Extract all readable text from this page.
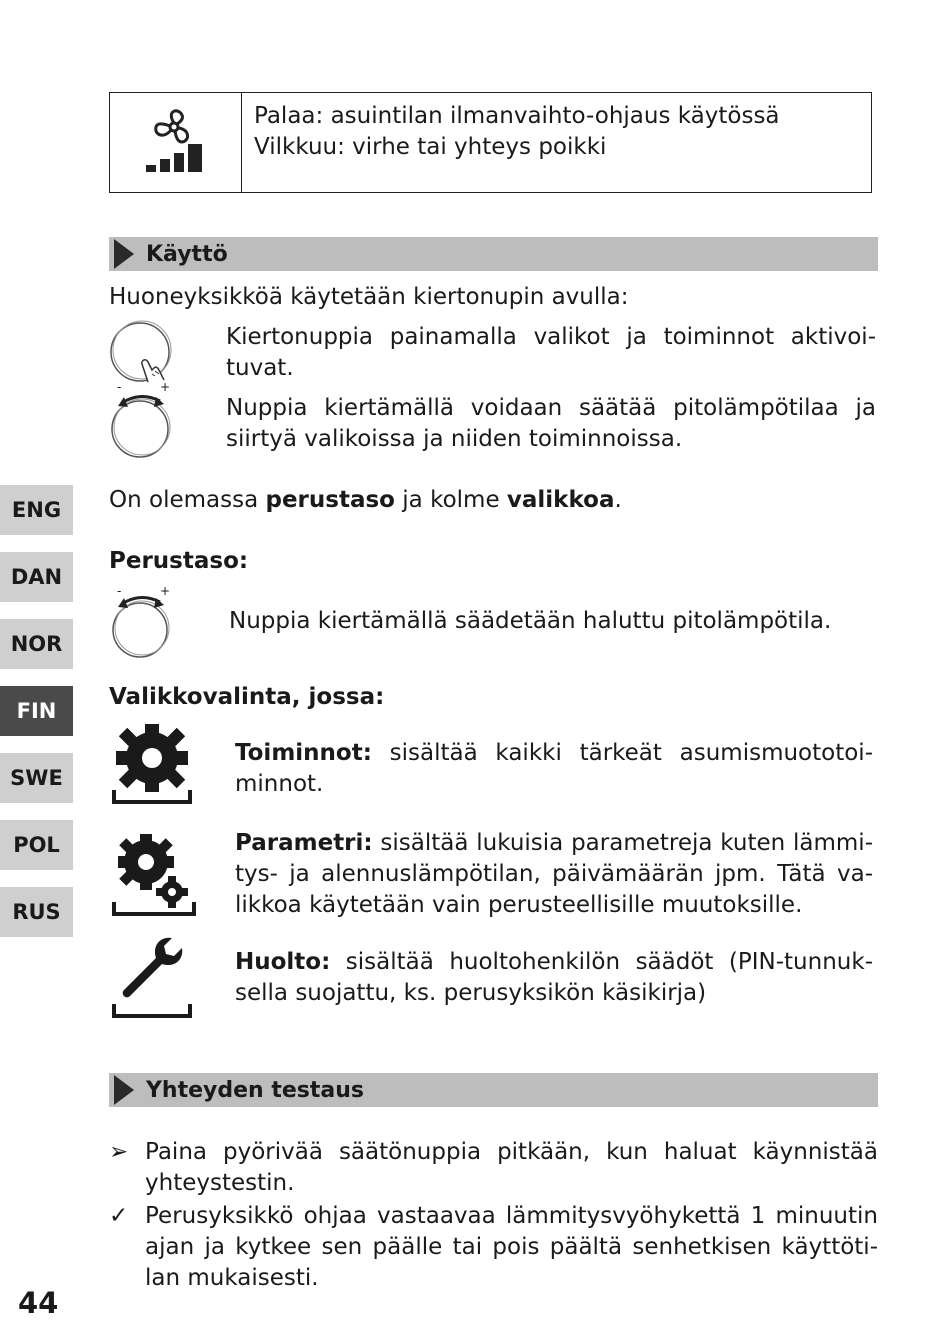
Palaa: asuintilan ilmanvaihto-ohjaus käytössä
Vilkkuu: virhe tai yhteys poikki
Käyttö

Huoneyksikköä käytetään kiertonupin avulla:

Kiertonuppia painamalla valikot ja toiminnot aktivoi-tuvat.

-	+

Nuppia kiertämällä voidaan säätää pitolämpötilaa ja siirtyä valikoissa ja niiden toiminnoissa.

On olemassa perustaso ja kolme valikkoa.

Perustaso:

-	+

Nuppia kiertämällä säädetään haluttu pitolämpötila.

Valikkovalinta, jossa:

Toiminnot: sisältää kaikki tärkeät asumismuototoi-minnot.

Parametri: sisältää lukuisia parametreja kuten lämmi-tys- ja alennuslämpötilan, päivämäärän jpm. Tätä va-likkoa käytetään vain perusteellisille muutoksille.

Huolto: sisältää huoltohenkilön säädöt (PIN-tunnuk-sella suojattu, ks. perusyksikön käsikirja)

Yhteyden testaus
➢ Paina pyörivää säätönuppia pitkään, kun haluat käynnistää yhteystestin.

✓ Perusyksikkö ohjaa vastaavaa lämmitysvyöhykettä 1 minuutin ajan ja kytkee sen päälle tai pois päältä senhetkisen käyttöti-lan mukaisesti.

ENG
DAN
NOR
FIN
SWE
POL
RUS
44
